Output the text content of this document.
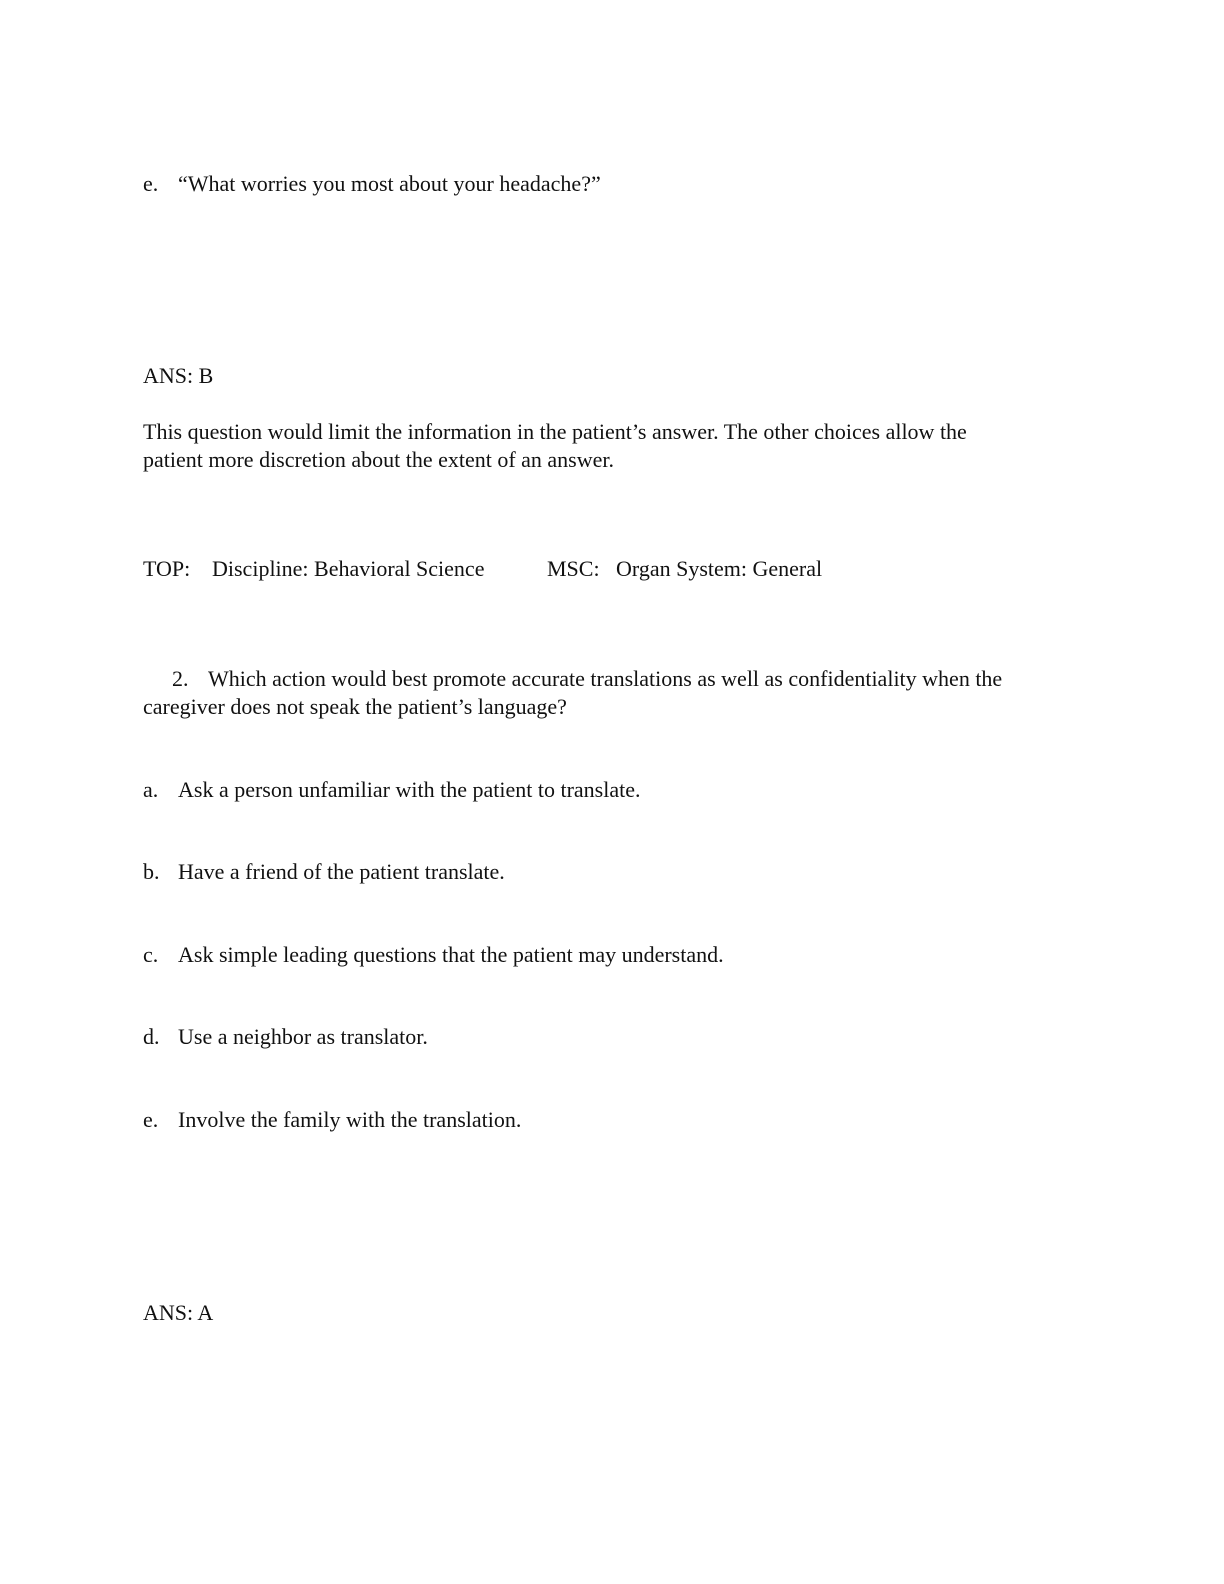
e. “What worries you most about your headache?”
ANS: B
This question would limit the information in the patient’s answer. The other choices allow the
patient more discretion about the extent of an answer.
TOP: Discipline: Behavioral Science	MSC: Organ System: General
2. Which action would best promote accurate translations as well as confidentiality when the
caregiver does not speak the patient’s language?
a. Ask a person unfamiliar with the patient to translate.
b. Have a friend of the patient translate.
c. Ask simple leading questions that the patient may understand.
d. Use a neighbor as translator.
e. Involve the family with the translation.
ANS: A
